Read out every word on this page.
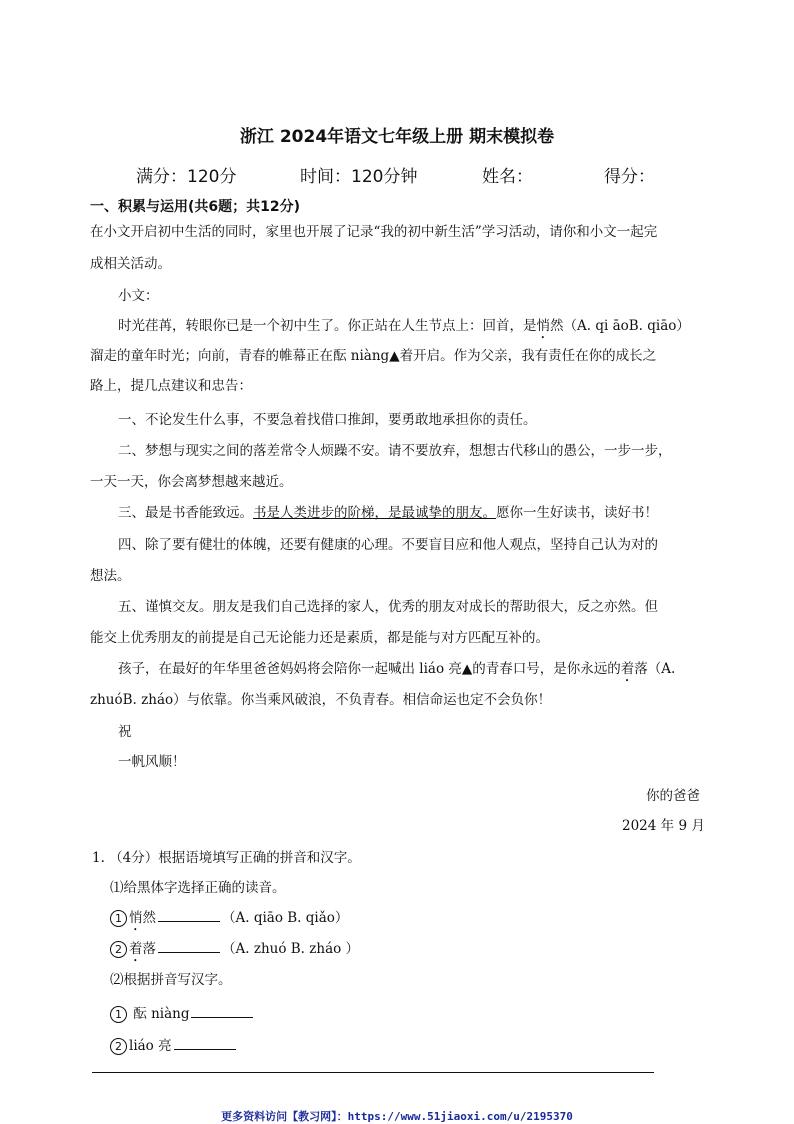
浙江 2024年语文七年级上册 期末模拟卷
满分：120分	时间：120分钟	姓名：	得分：
一、积累与运用(共6题；共12分)
在小文开启初中生活的同时，家里也开展了记录“我的初中新生活”学习活动，请你和小文一起完
成相关活动。
小文：
时光荏苒，转眼你已是一个初中生了。你正站在人生节点上：回首，是悄然（A. qi āoB. qiāo）
溜走的童年时光；向前，青春的帷幕正在酝 niàng▲着开启。作为父亲，我有责任在你的成长之
路上，提几点建议和忠告：
一、不论发生什么事，不要急着找借口推卸，要勇敢地承担你的责任。
二、梦想与现实之间的落差常令人烦躁不安。请不要放弃，想想古代移山的愚公，一步一步，
一天一天，你会离梦想越来越近。
三、最是书香能致远。书是人类进步的阶梯，是最诚挚的朋友。愿你一生好读书，读好书！
四、除了要有健壮的体魄，还要有健康的心理。不要盲目应和他人观点，坚持自己认为对的
想法。
五、谨慎交友。朋友是我们自己选择的家人，优秀的朋友对成长的帮助很大，反之亦然。但
能交上优秀朋友的前提是自己无论能力还是素质，都是能与对方匹配互补的。
孩子，在最好的年华里爸爸妈妈将会陪你一起喊出 liáo 亮▲的青春口号，是你永远的着落（A.
zhuóB. zháo）与依靠。你当乘风破浪，不负青春。相信命运也定不会负你！
祝
一帆风顺！
你的爸爸
2024 年 9 月
1. （4分）根据语境填写正确的拼音和汉字。
⑴给黑体字选择正确的读音。
1 悄然	（A. qiāo B. qiǎo）
2 着落	（A. zhuó B. zháo ）
⑵根据拼音写汉字。
1 酝 niàng
2 liáo 亮
更多资料访问【教习网】：https://www.51jiaoxi.com/u/2195370
